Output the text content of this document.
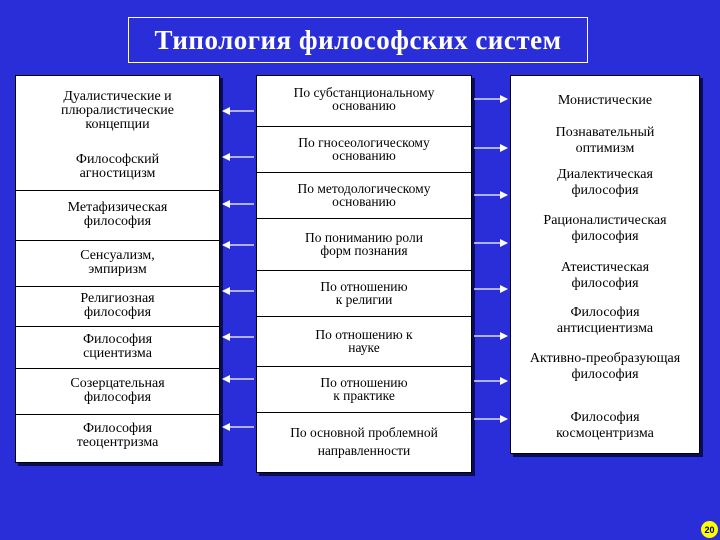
Типология философских систем
Дуалистические и
плюралистические
концепции
Философский
агностицизм
Метафизическая
философия
Сенсуализм,
эмпиризм
Религиозная
философия
Философия
сциентизма
Созерцательная
философия
Философия
теоцентризма
По субстанциональному
основанию
По гносеологическому
основанию
По методологическому
основанию
По пониманию роли
форм познания
По отношению
к религии
По отношению к
науке
По отношению
к практике
По основной проблемной
направленности
Монистические
Познавательный
оптимизм
Диалектическая
философия
Рационалистическая
философия
Атеистическая
философия
Философия
антисциентизма
Активно-преобразующая
философия
Философия
космоцентризма
20
